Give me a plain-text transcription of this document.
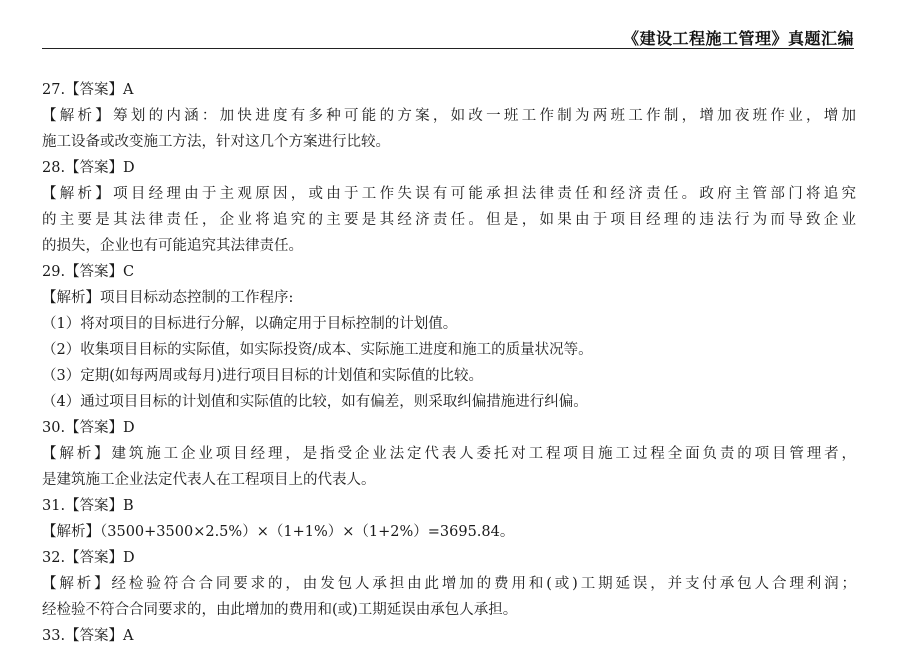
《建设工程施工管理》真题汇编
27.【答案】A
【解析】筹划的内涵：加快进度有多种可能的方案，如改一班工作制为两班工作制，增加夜班作业，增加
施工设备或改变施工方法，针对这几个方案进行比较。
28.【答案】D
【解析】项目经理由于主观原因，或由于工作失误有可能承担法律责任和经济责任。政府主管部门将追究
的主要是其法律责任，企业将追究的主要是其经济责任。但是，如果由于项目经理的违法行为而导致企业
的损失，企业也有可能追究其法律责任。
29.【答案】C
【解析】项目目标动态控制的工作程序:
（1）将对项目的目标进行分解，以确定用于目标控制的计划值。
（2）收集项目目标的实际值，如实际投资/成本、实际施工进度和施工的质量状况等。
（3）定期(如每两周或每月)进行项目目标的计划值和实际值的比较。
（4）通过项目目标的计划值和实际值的比较，如有偏差，则采取纠偏措施进行纠偏。
30.【答案】D
【解析】建筑施工企业项目经理，是指受企业法定代表人委托对工程项目施工过程全面负责的项目管理者，
是建筑施工企业法定代表人在工程项目上的代表人。
31.【答案】B
【解析】（3500+3500×2.5%）×（1+1%）×（1+2%）=3695.84。
32.【答案】D
【解析】经检验符合合同要求的，由发包人承担由此增加的费用和(或)工期延误，并支付承包人合理利润；
经检验不符合合同要求的，由此增加的费用和(或)工期延误由承包人承担。
33.【答案】A
